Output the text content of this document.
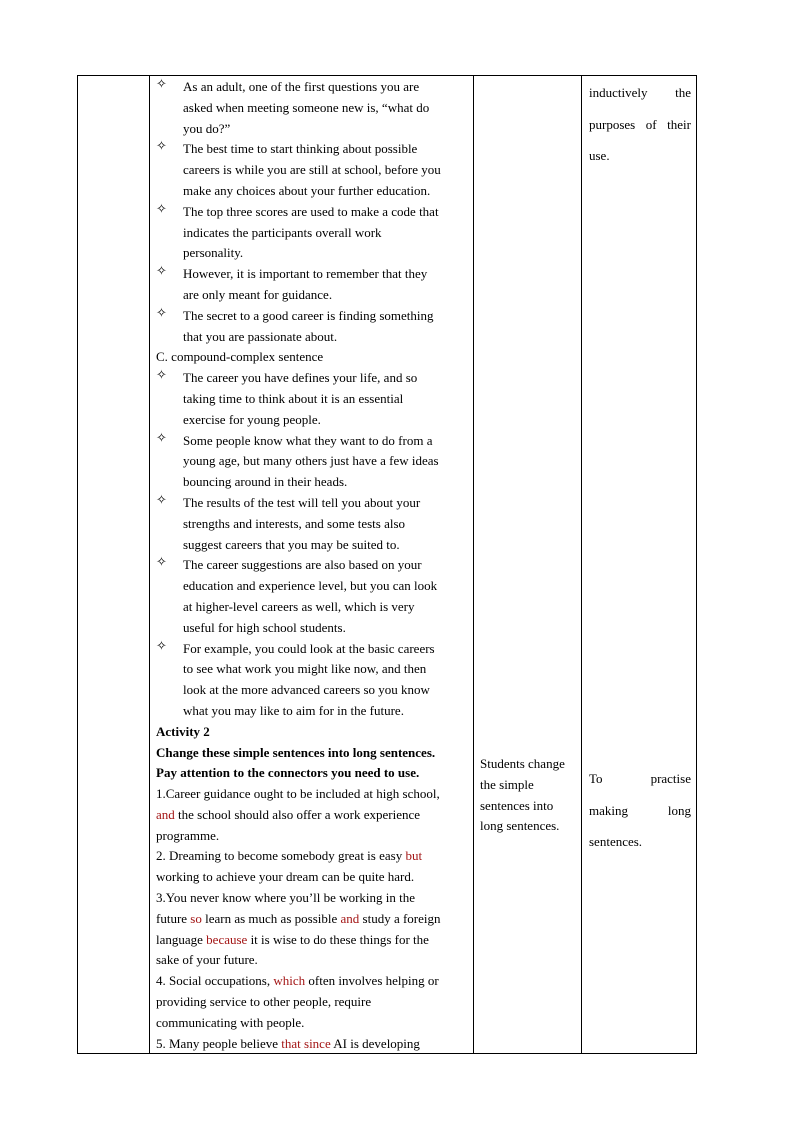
✧ As an adult, one of the first questions you are
asked when meeting someone new is, “what do
you do?”
✧ The best time to start thinking about possible
careers is while you are still at school, before you
make any choices about your further education.
✧ The top three scores are used to make a code that
indicates the participants overall work
personality.
✧ However, it is important to remember that they
are only meant for guidance.
✧ The secret to a good career is finding something
that you are passionate about.
C. compound-complex sentence
✧ The career you have defines your life, and so
taking time to think about it is an essential
exercise for young people.
✧ Some people know what they want to do from a
young age, but many others just have a few ideas
bouncing around in their heads.
✧ The results of the test will tell you about your
strengths and interests, and some tests also
suggest careers that you may be suited to.
✧ The career suggestions are also based on your
education and experience level, but you can look
at higher-level careers as well, which is very
useful for high school students.
✧ For example, you could look at the basic careers
to see what work you might like now, and then
look at the more advanced careers so you know
what you may like to aim for in the future.
Activity 2
Change these simple sentences into long sentences.
Pay attention to the connectors you need to use.
1.Career guidance ought to be included at high school,
and the school should also offer a work experience
programme.
2. Dreaming to become somebody great is easy but
working to achieve your dream can be quite hard.
3.You never know where you’ll be working in the
future so learn as much as possible and study a foreign
language because it is wise to do these things for the
sake of your future.
4. Social occupations, which often involves helping or
providing service to other people, require
communicating with people.
5. Many people believe that since AI is developing
Students change
the simple
sentences into
long sentences.
inductively the
purposes of their
use.
To practise
making long
sentences.
